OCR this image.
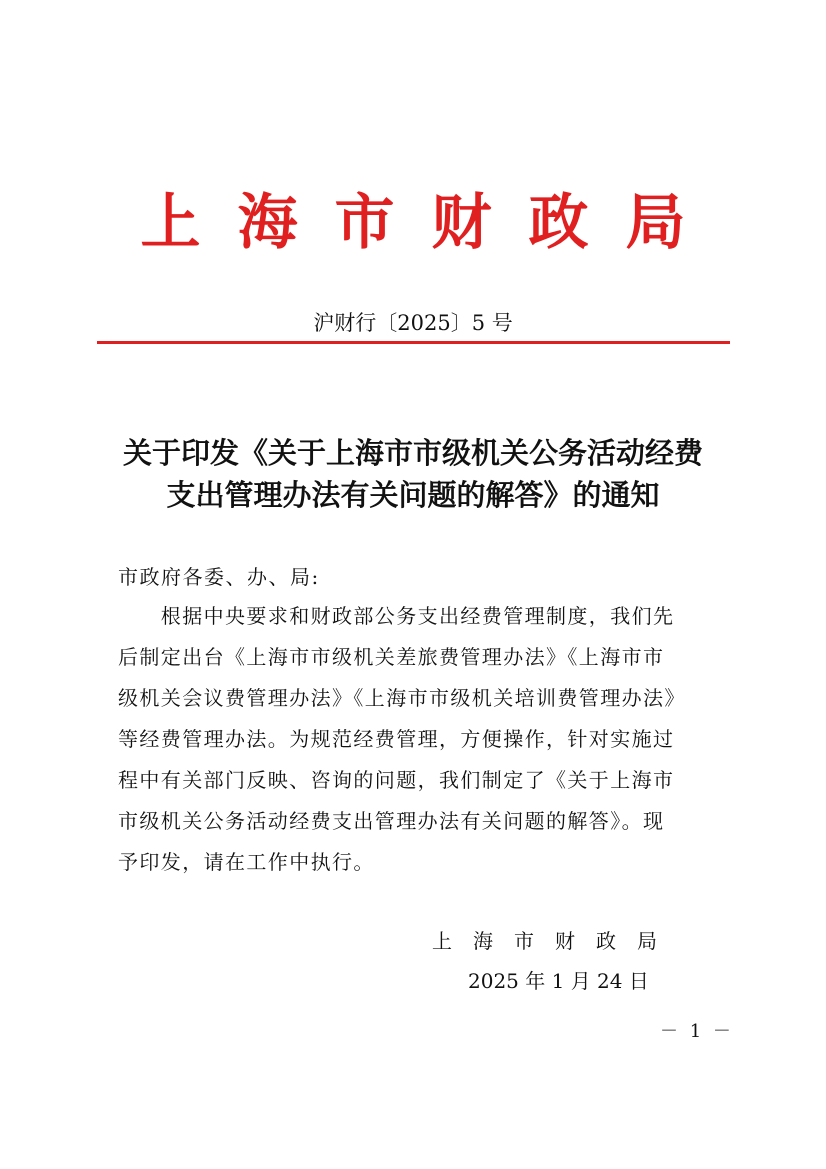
上海市财政局
沪财行〔2025〕5 号
关于印发《关于上海市市级机关公务活动经费
支出管理办法有关问题的解答》的通知
市政府各委、办、局:
　　根据中央要求和财政部公务支出经费管理制度，我们先
后制定出台《上海市市级机关差旅费管理办法》《上海市市
级机关会议费管理办法》《上海市市级机关培训费管理办法》
等经费管理办法。为规范经费管理，方便操作，针对实施过
程中有关部门反映、咨询的问题，我们制定了《关于上海市
市级机关公务活动经费支出管理办法有关问题的解答》。现
予印发，请在工作中执行。
上海市财政局
2025 年 1 月 24 日
－ 1 －
